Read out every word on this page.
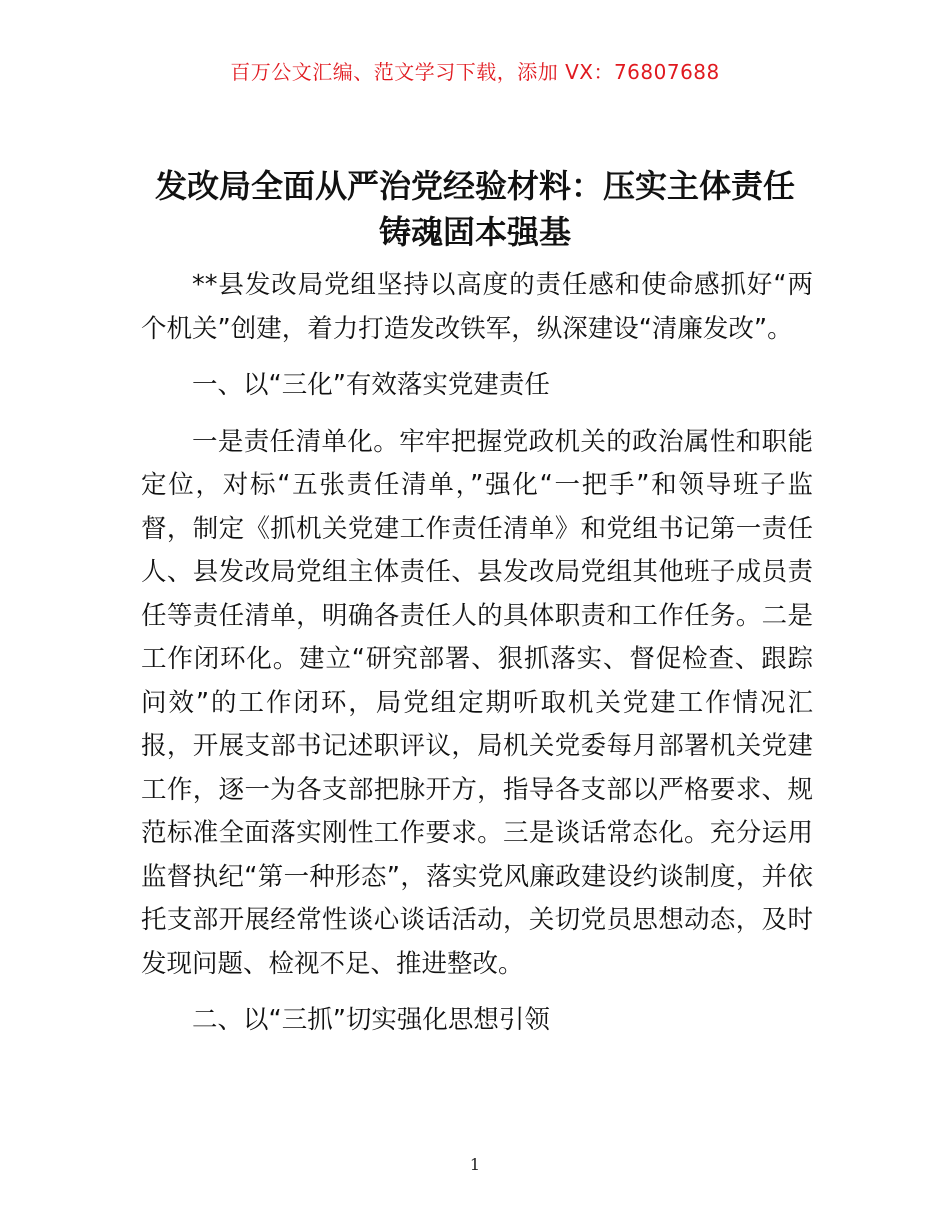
百万公文汇编、范文学习下载，添加 VX：76807688
发改局全面从严治党经验材料：压实主体责任
铸魂固本强基

**县发改局党组坚持以高度的责任感和使命感抓好“两个机关”创建，着力打造发改铁军，纵深建设“清廉发改”。

一、以“三化”有效落实党建责任

一是责任清单化。牢牢把握党政机关的政治属性和职能定位，对标“五张责任清单，”强化“一把手”和领导班子监督，制定《抓机关党建工作责任清单》和党组书记第一责任人、县发改局党组主体责任、县发改局党组其他班子成员责任等责任清单，明确各责任人的具体职责和工作任务。二是工作闭环化。建立“研究部署、狠抓落实、督促检查、跟踪问效”的工作闭环，局党组定期听取机关党建工作情况汇报，开展支部书记述职评议，局机关党委每月部署机关党建工作，逐一为各支部把脉开方，指导各支部以严格要求、规范标准全面落实刚性工作要求。三是谈话常态化。充分运用监督执纪“第一种形态”，落实党风廉政建设约谈制度，并依托支部开展经常性谈心谈话活动，关切党员思想动态，及时发现问题、检视不足、推进整改。

二、以“三抓”切实强化思想引领

1
